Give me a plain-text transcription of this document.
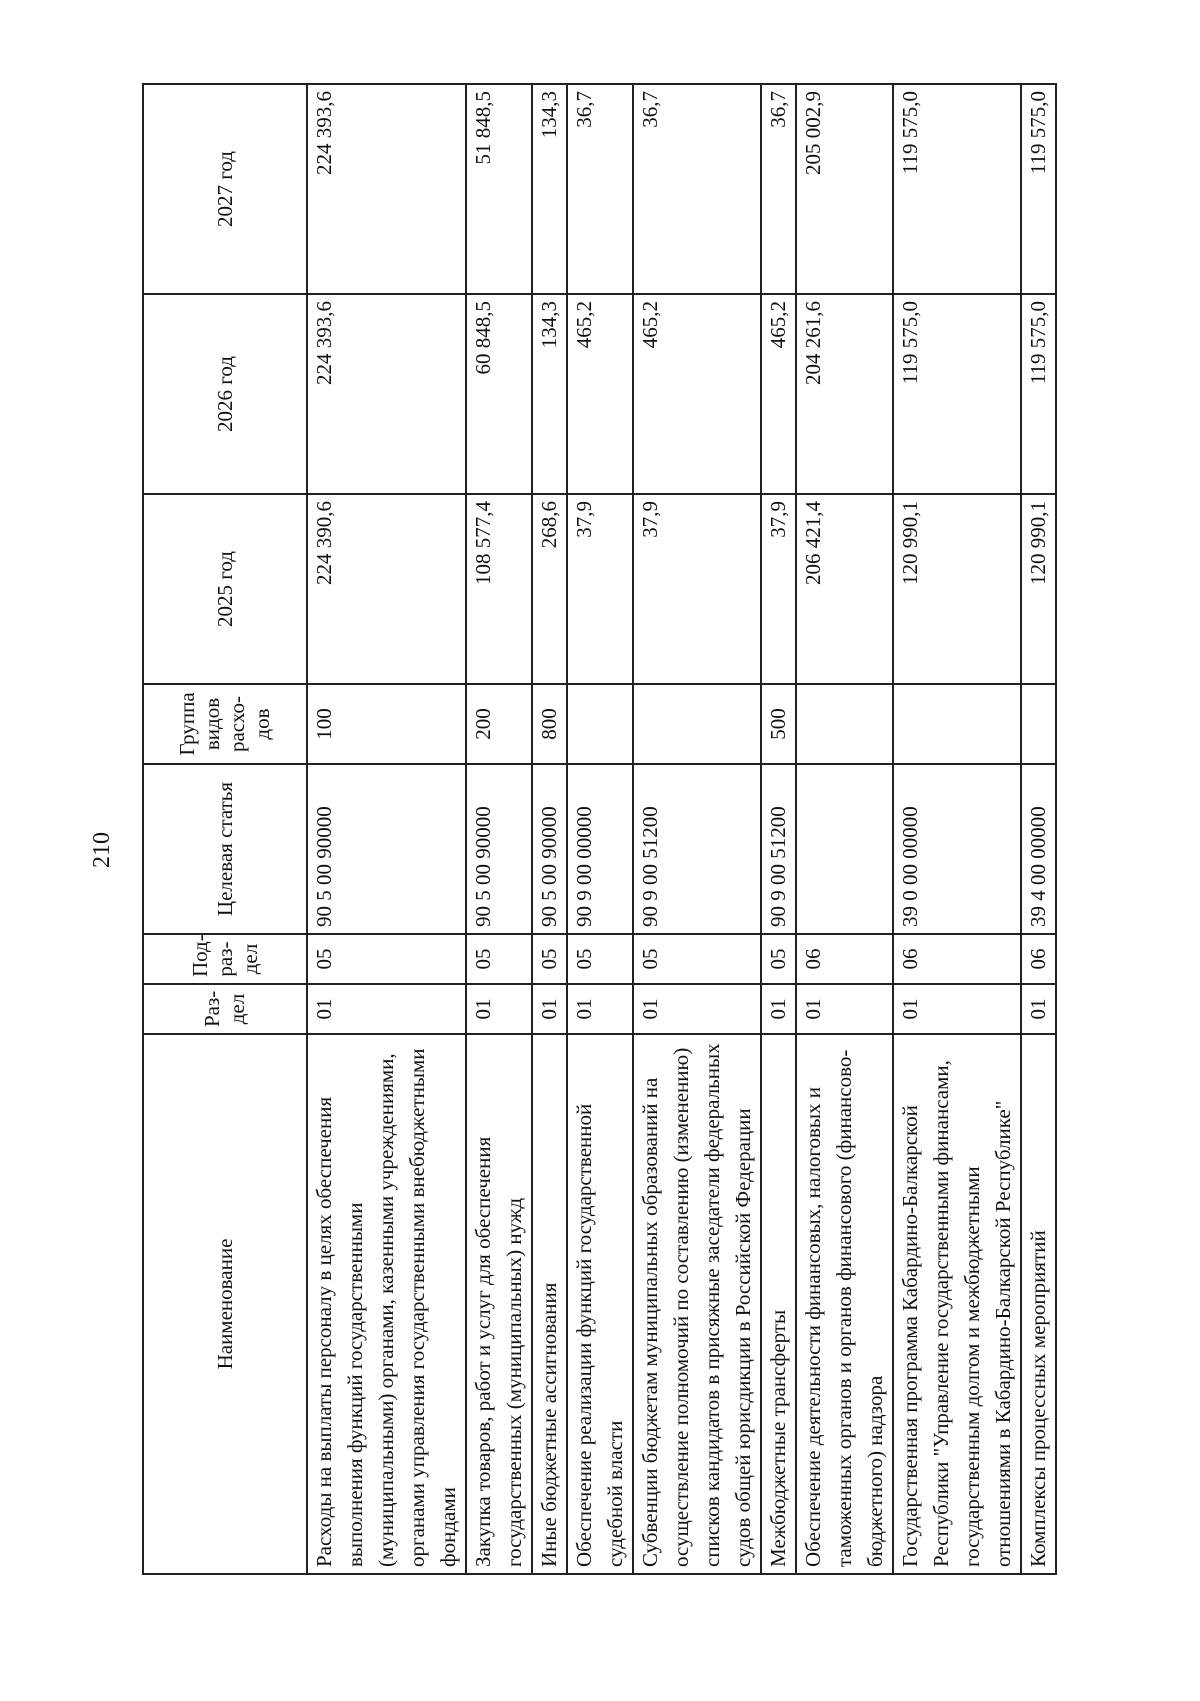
210
Наименование	Раз-дел	Под-раз-дел	Целевая статья	Группа видов расхо-дов	2025 год	2026 год	2027 год
Расходы на выплаты персоналу в целях обеспечения выполнения функций государственными (муниципальными) органами, казенными учреждениями, органами управления государственными внебюджетными фондами	01	05	90 5 00 90000	100	224 390,6	224 393,6	224 393,6
Закупка товаров, работ и услуг для обеспечения государственных (муниципальных) нужд	01	05	90 5 00 90000	200	108 577,4	60 848,5	51 848,5
Иные бюджетные ассигнования	01	05	90 5 00 90000	800	268,6	134,3	134,3
Обеспечение реализации функций государственной судебной власти	01	05	90 9 00 00000		37,9	465,2	36,7
Субвенции бюджетам муниципальных образований на осуществление полномочий по составлению (изменению) списков кандидатов в присяжные заседатели федеральных судов общей юрисдикции в Российской Федерации	01	05	90 9 00 51200		37,9	465,2	36,7
Межбюджетные трансферты	01	05	90 9 00 51200	500	37,9	465,2	36,7
Обеспечение деятельности финансовых, налоговых и таможенных органов и органов финансового (финансово-бюджетного) надзора	01	06			206 421,4	204 261,6	205 002,9
Государственная программа Кабардино-Балкарской Республики "Управление государственными финансами, государственным долгом и межбюджетными отношениями в Кабардино-Балкарской Республике"	01	06	39 0 00 00000		120 990,1	119 575,0	119 575,0
Комплексы процессных мероприятий	01	06	39 4 00 00000		120 990,1	119 575,0	119 575,0
